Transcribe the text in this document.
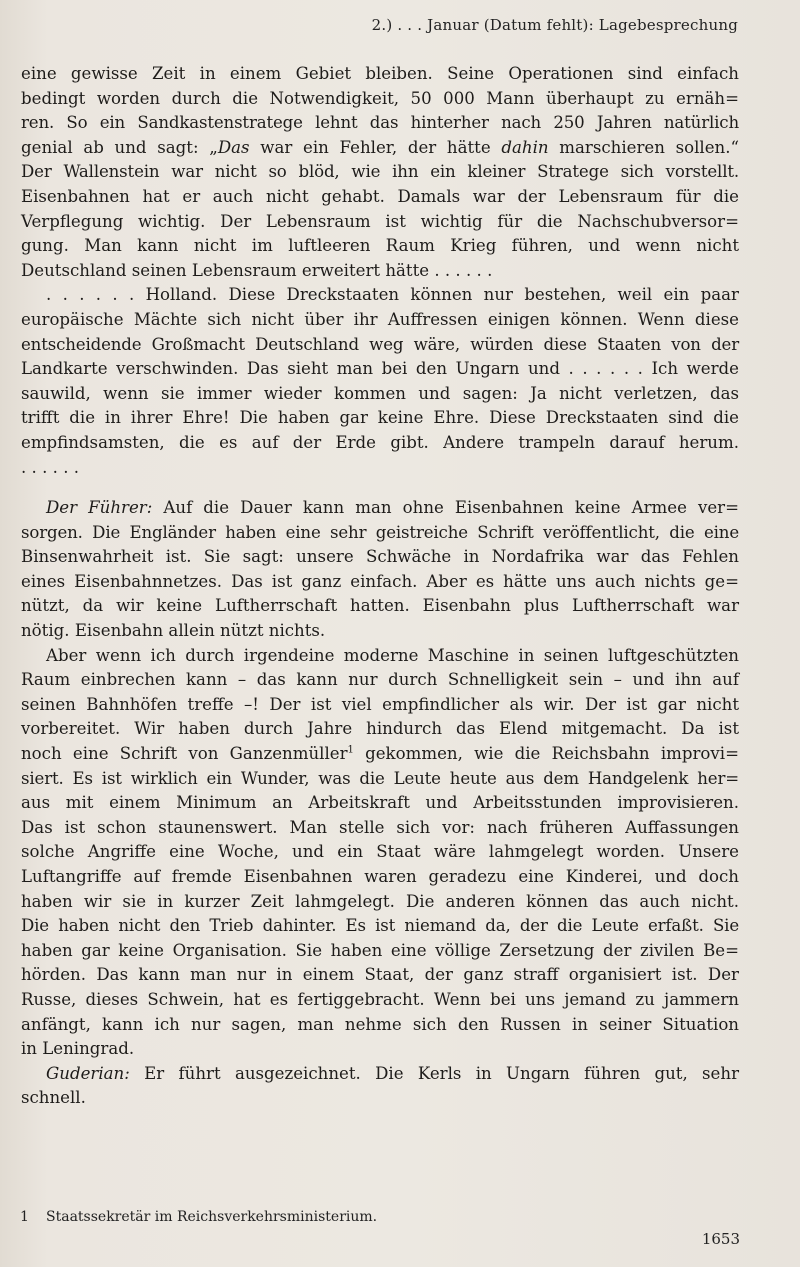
2.) . . . Januar (Datum fehlt): Lagebesprechung
eine gewisse Zeit in einem Gebiet bleiben. Seine Operationen sind einfach
bedingt worden durch die Notwendigkeit, 50 000 Mann überhaupt zu ernäh=
ren. So ein Sandkastenstratege lehnt das hinterher nach 250 Jahren natürlich
genial ab und sagt: „Das war ein Fehler, der hätte dahin marschieren sollen.“
Der Wallenstein war nicht so blöd, wie ihn ein kleiner Stratege sich vorstellt.
Eisenbahnen hat er auch nicht gehabt. Damals war der Lebensraum für die
Verpflegung wichtig. Der Lebensraum ist wichtig für die Nachschubversor=
gung. Man kann nicht im luftleeren Raum Krieg führen, und wenn nicht
Deutschland seinen Lebensraum erweitert hätte . . . . . .
. . . . . . Holland. Diese Dreckstaaten können nur bestehen, weil ein paar
europäische Mächte sich nicht über ihr Auffressen einigen können. Wenn diese
entscheidende Großmacht Deutschland weg wäre, würden diese Staaten von der
Landkarte verschwinden. Das sieht man bei den Ungarn und . . . . . . Ich werde
sauwild, wenn sie immer wieder kommen und sagen: Ja nicht verletzen, das
trifft die in ihrer Ehre! Die haben gar keine Ehre. Diese Dreckstaaten sind die
empfindsamsten, die es auf der Erde gibt. Andere trampeln darauf herum.
. . . . . .
Der Führer: Auf die Dauer kann man ohne Eisenbahnen keine Armee ver=
sorgen. Die Engländer haben eine sehr geistreiche Schrift veröffentlicht, die eine
Binsenwahrheit ist. Sie sagt: unsere Schwäche in Nordafrika war das Fehlen
eines Eisenbahnnetzes. Das ist ganz einfach. Aber es hätte uns auch nichts ge=
nützt, da wir keine Luftherrschaft hatten. Eisenbahn plus Luftherrschaft war
nötig. Eisenbahn allein nützt nichts.
Aber wenn ich durch irgendeine moderne Maschine in seinen luftgeschützten
Raum einbrechen kann – das kann nur durch Schnelligkeit sein – und ihn auf
seinen Bahnhöfen treffe –! Der ist viel empfindlicher als wir. Der ist gar nicht
vorbereitet. Wir haben durch Jahre hindurch das Elend mitgemacht. Da ist
noch eine Schrift von Ganzenmüller$^1$ gekommen, wie die Reichsbahn improvi=
siert. Es ist wirklich ein Wunder, was die Leute heute aus dem Handgelenk her=
aus mit einem Minimum an Arbeitskraft und Arbeitsstunden improvisieren.
Das ist schon staunenswert. Man stelle sich vor: nach früheren Auffassungen
solche Angriffe eine Woche, und ein Staat wäre lahmgelegt worden. Unsere
Luftangriffe auf fremde Eisenbahnen waren geradezu eine Kinderei, und doch
haben wir sie in kurzer Zeit lahmgelegt. Die anderen können das auch nicht.
Die haben nicht den Trieb dahinter. Es ist niemand da, der die Leute erfaßt. Sie
haben gar keine Organisation. Sie haben eine völlige Zersetzung der zivilen Be=
hörden. Das kann man nur in einem Staat, der ganz straff organisiert ist. Der
Russe, dieses Schwein, hat es fertiggebracht. Wenn bei uns jemand zu jammern
anfängt, kann ich nur sagen, man nehme sich den Russen in seiner Situation
in Leningrad.
Guderian: Er führt ausgezeichnet. Die Kerls in Ungarn führen gut, sehr
schnell.
1 Staatssekretär im Reichsverkehrsministerium.
1653
